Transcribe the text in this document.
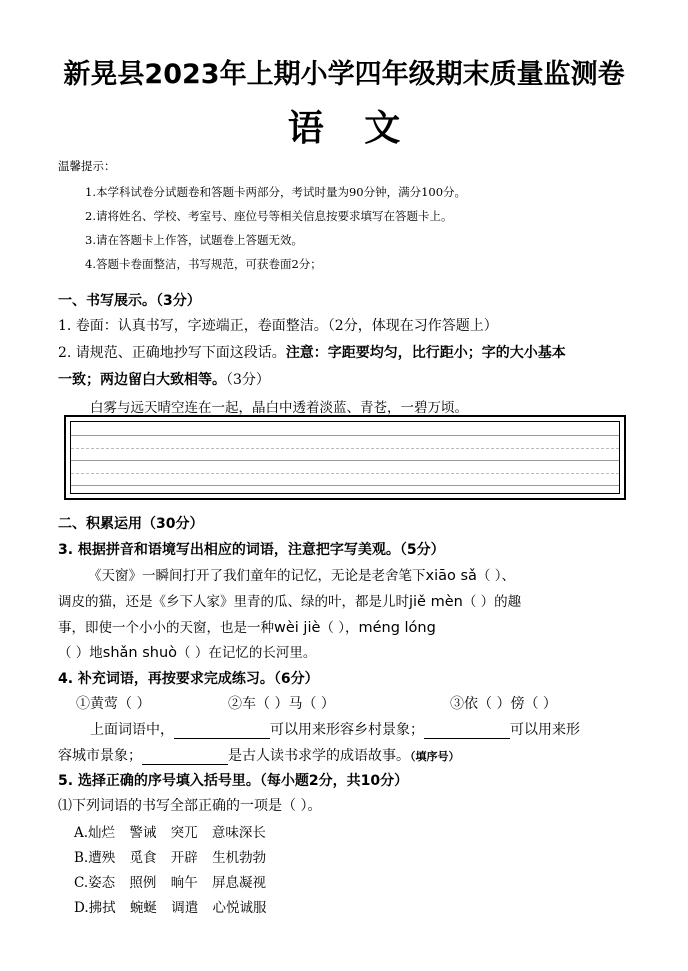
新晃县2023年上期小学四年级期末质量监测卷
语 文
温馨提示：
1.本学科试卷分试题卷和答题卡两部分，考试时量为90分钟，满分100分。
2.请将姓名、学校、考室号、座位号等相关信息按要求填写在答题卡上。
3.请在答题卡上作答，试题卷上答题无效。
4.答题卡卷面整洁，书写规范，可获卷面2分；
一、书写展示。（3分）
1. 卷面：认真书写，字迹端正，卷面整洁。（2分，体现在习作答题上）
2. 请规范、正确地抄写下面这段话。注意：字距要均匀，比行距小；字的大小基本
一致；两边留白大致相等。（3分）
白雾与远天晴空连在一起，晶白中透着淡蓝、青苍，一碧万顷。
二、积累运用（30分）
3. 根据拼音和语境写出相应的词语，注意把字写美观。（5分）
《天窗》一瞬间打开了我们童年的记忆，无论是老舍笔下xiāo sǎ（ ）、
调皮的猫，还是《乡下人家》里青的瓜、绿的叶，都是儿时jiě mèn（ ）的趣
事，即使一个小小的天窗，也是一种wèi jiè（ ），méng lóng
（ ）地shǎn shuò（ ）在记忆的长河里。
4. 补充词语，再按要求完成练习。（6分）
①黄莺（ ）	②车（ ）马（ ）	③依（ ）傍（ ）
上面词语中，	可以用来形容乡村景象；	可以用来形
容城市景象；	是古人读书求学的成语故事。（填序号）
5. 选择正确的序号填入括号里。（每小题2分，共10分）
⑴下列词语的书写全部正确的一项是（ ）。
A.灿烂 警诫 突兀 意味深长
B.遭殃 觅食 开辟 生机勃勃
C.姿态 照例 晌午 屏息凝视
D.拂拭 蜿蜒 调遣 心悦诚服
